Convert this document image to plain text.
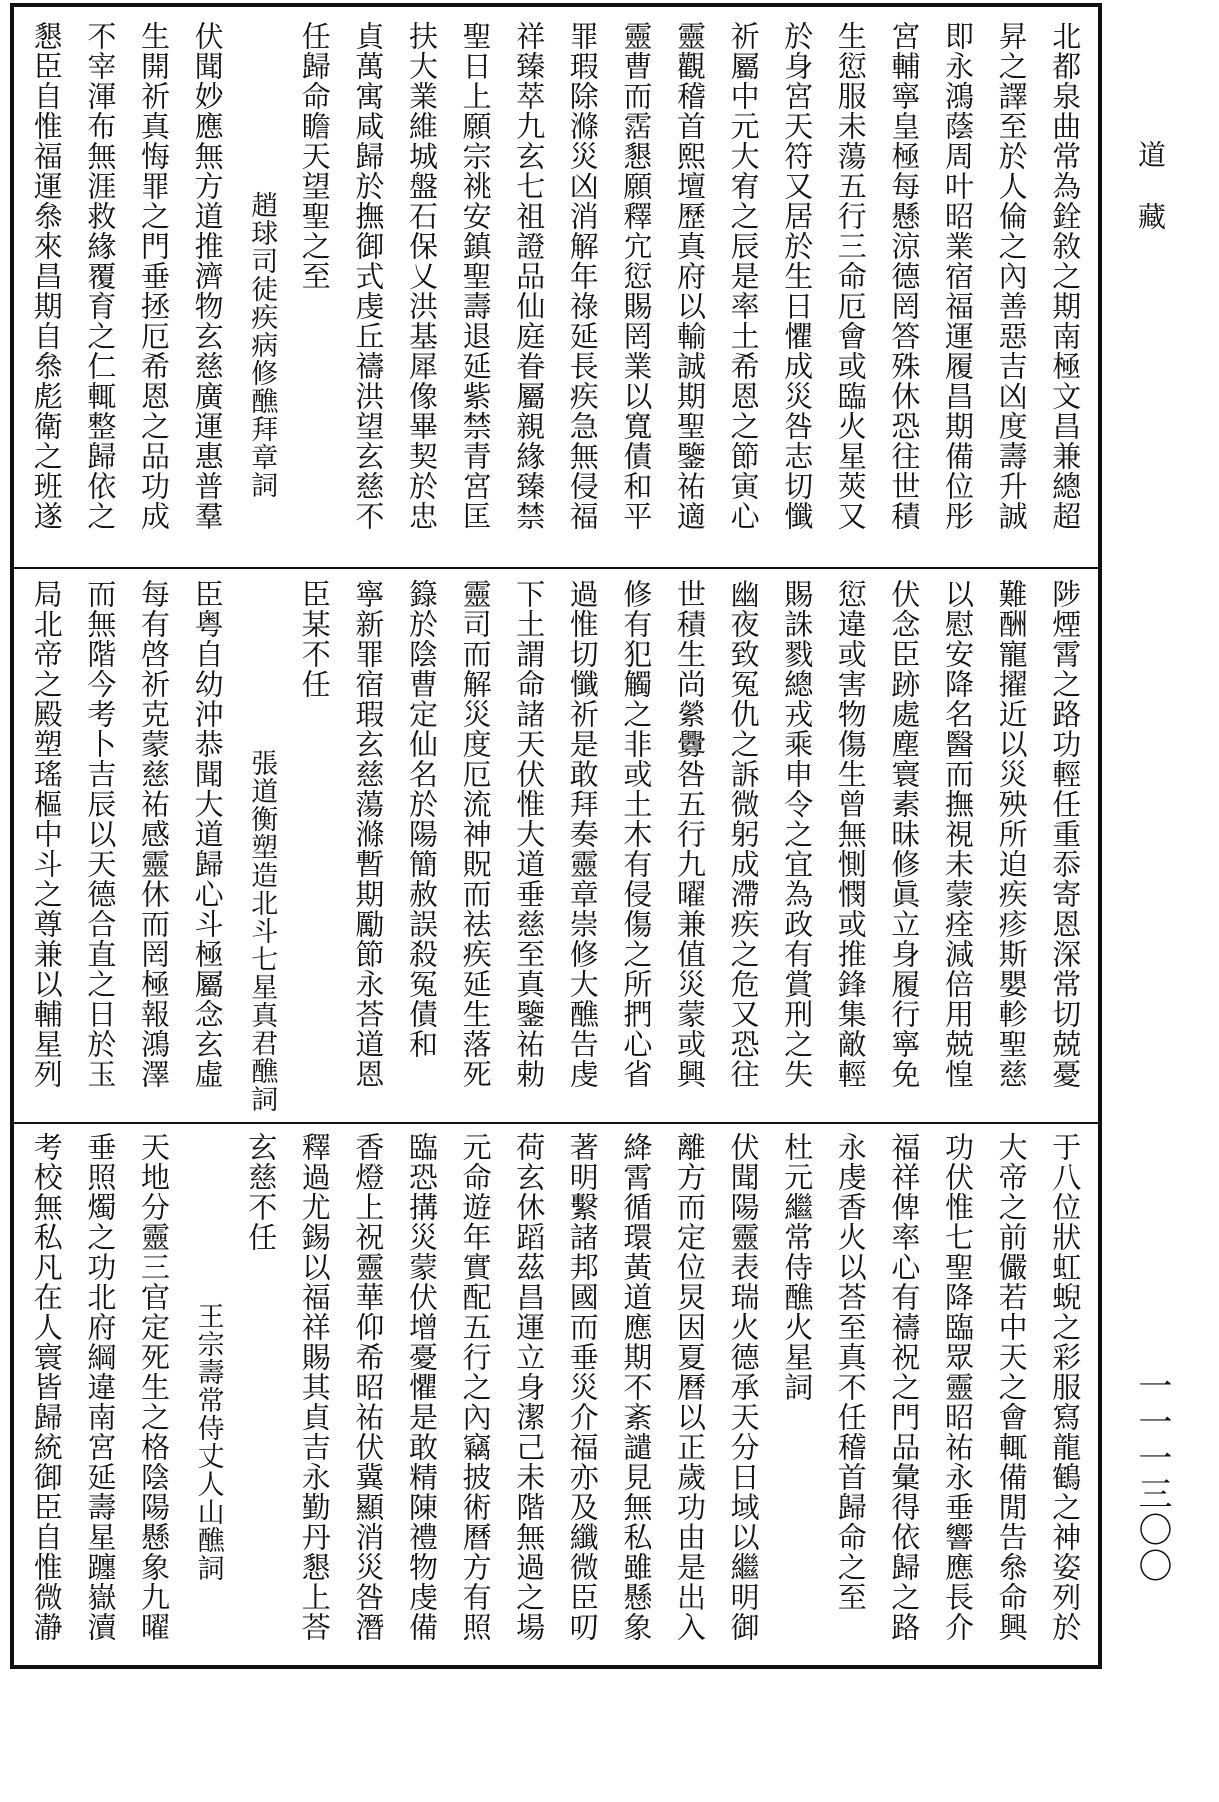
北都泉曲常為銓敘之期南極文昌兼總超
昇之譯至於人倫之內善惡吉凶度壽升誠
即永鴻蔭周叶昭業宿福運履昌期備位彤
宮輔寧皇極每懸涼德罔答殊休恐往世積
生愆服未蕩五行三命厄會或臨火星莢又
於身宮天符又居於生日懼成災咎志切懺
祈屬中元大宥之辰是率土希恩之節寅心
靈觀稽首熙壇歷真府以輸誠期聖鑒祐適
靈曹而霑懇願釋宂愆賜罔業以寬債和平
罪瑕除滌災凶消解年祿延長疾急無侵福
祥臻萃九玄七祖證品仙庭眷屬親緣臻禁
聖日上願宗祧安鎮聖壽退延紫禁青宮匡
扶大業維城盤石保乂洪基犀像畢契於忠
貞萬寓咸歸於撫御式虔丘禱洪望玄慈不
任歸命瞻天望聖之至
趙球司徒疾病修醮拜章詞
伏聞妙應無方道推濟物玄慈廣運惠普羣
生開祈真悔罪之門垂拯厄希恩之品功成
不宰渾布無涯救緣覆育之仁輒整歸依之
懇臣自惟福運叅來昌期自叅彪衛之班遂
陟煙霄之路功輕任重忝寄恩深常切兢憂
難酬寵擢近以災殃所迫疾疹斯嬰軫聖慈
以慰安降名醫而撫視未蒙痊減倍用兢惶
伏念臣跡處塵寰素昧修眞立身履行寧免
愆違或害物傷生曾無惻憫或推鋒集敵輕
賜誅戮總戎乘申令之宜為政有賞刑之失
幽夜致冤仇之訴微躬成滯疾之危又恐往
世積生尚縈釁咎五行九曜兼值災蒙或興
修有犯觸之非或土木有侵傷之所捫心省
過惟切懺祈是敢拜奏靈章崇修大醮告虔
下土謂命諸天伏惟大道垂慈至真鑒祐勅
靈司而解災度厄流神貺而祛疾延生落死
籙於陰曹定仙名於陽簡赦誤殺冤債和
寧新罪宿瑕玄慈蕩滌暫期勵節永荅道恩
臣某不任
張道衡塑造北斗七星真君醮詞
臣粤自幼沖恭聞大道歸心斗極屬念玄虛
每有啓祈克蒙慈祐感靈休而罔極報鴻澤
而無階今考卜吉辰以天德合直之日於玉
局北帝之殿塑瑤樞中斗之尊兼以輔星列
于八位狀虹蜺之彩服寫龍鶴之神姿列於
大帝之前儼若中天之會輒備閒告叅命興
功伏惟七聖降臨眾靈昭祐永垂響應長介
福祥俾率心有禱祝之門品彙得依歸之路
永虔香火以荅至真不任稽首歸命之至
杜元繼常侍醮火星詞
伏聞陽靈表瑞火德承天分日域以繼明御
離方而定位炅因夏曆以正歲功由是出入
絳霄循環黃道應期不紊譴見無私雖懸象
著明繫諸邦國而垂災介福亦及纖微臣叨
荷玄休蹈茲昌運立身潔己未階無過之場
元命遊年實配五行之內竊披術曆方有照
臨恐搆災蒙伏增憂懼是敢精陳禮物虔備
香燈上祝靈華仰希昭祐伏冀顯消災咎潛
釋過尤錫以福祥賜其貞吉永勤丹懇上荅
玄慈不任
王宗壽常侍丈人山醮詞
天地分靈三官定死生之格陰陽懸象九曜
垂照燭之功北府綱違南宮延壽星躔嶽瀆
考校無私凡在人寰皆歸統御臣自惟微瀞
道藏
一一一三〇〇
